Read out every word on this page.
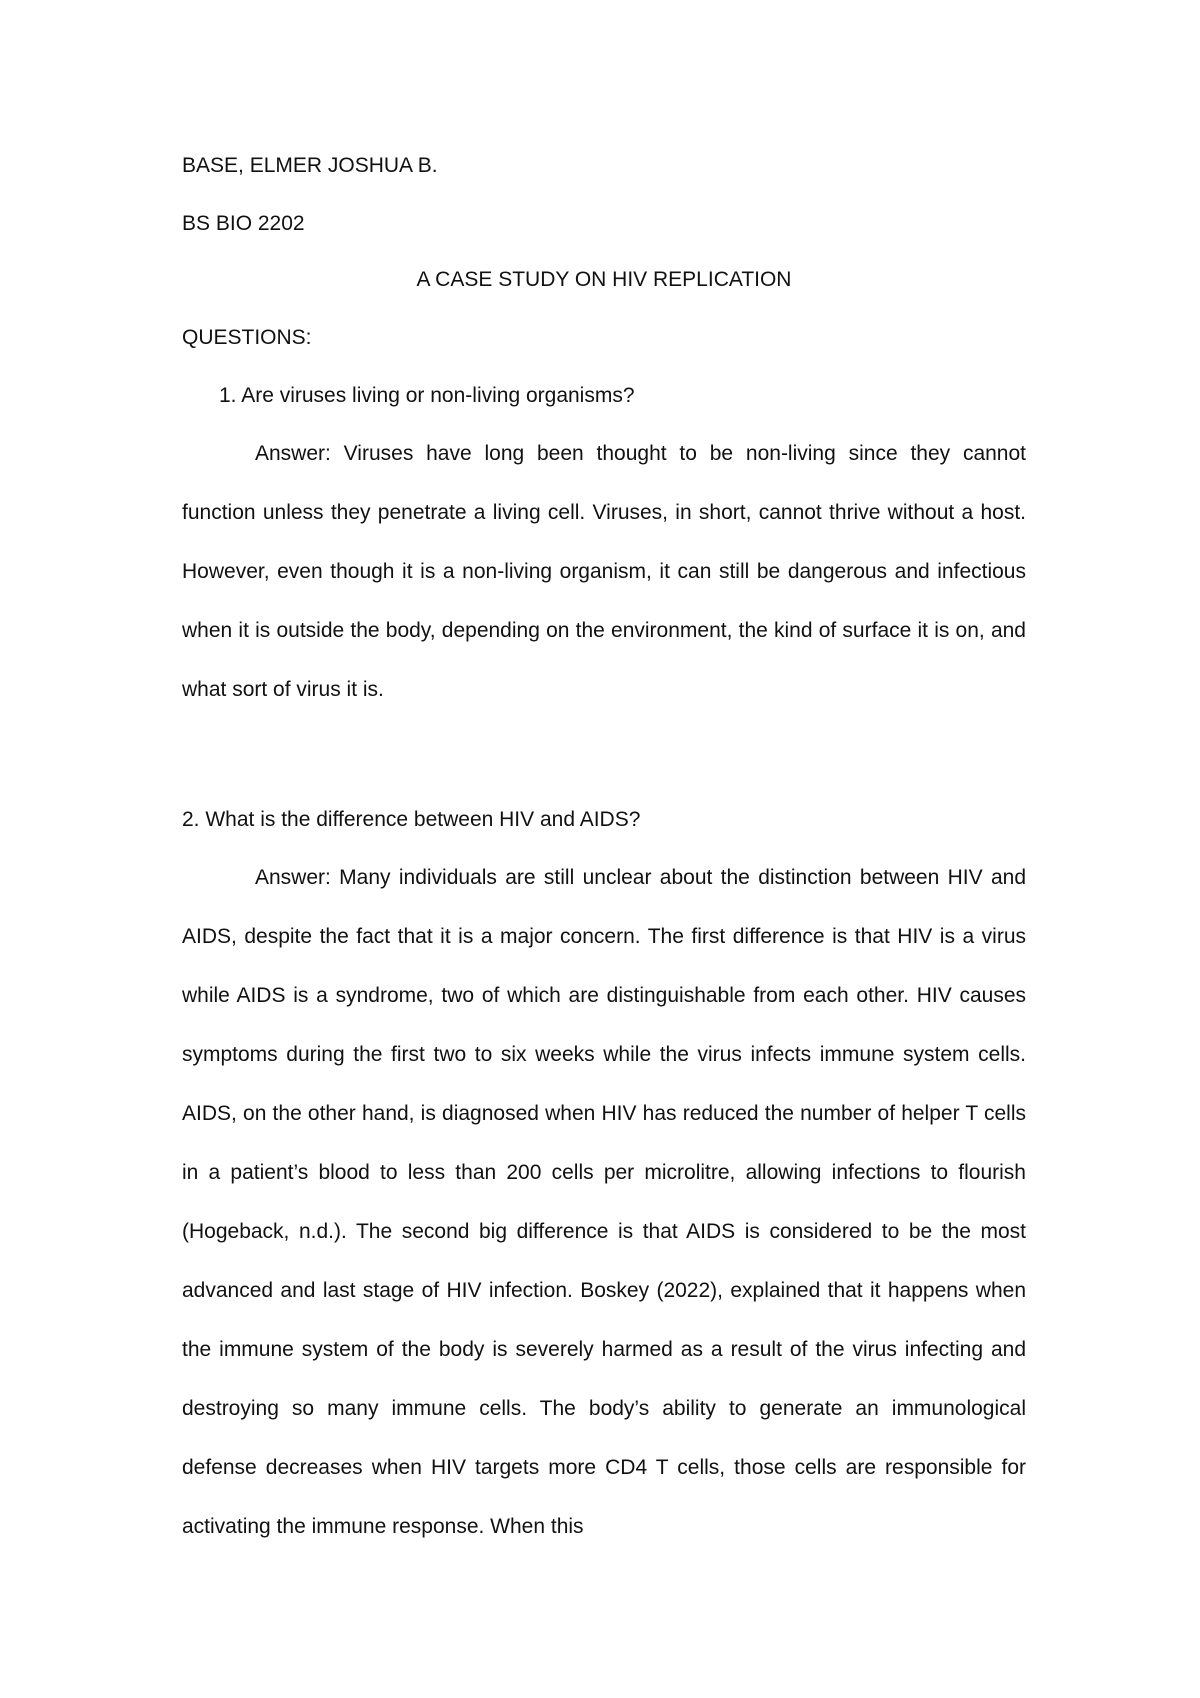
BASE, ELMER JOSHUA B.
BS BIO 2202
A CASE STUDY ON HIV REPLICATION
QUESTIONS:
1. Are viruses living or non-living organisms?
Answer: Viruses have long been thought to be non-living since they cannot function unless they penetrate a living cell. Viruses, in short, cannot thrive without a host. However, even though it is a non-living organism, it can still be dangerous and infectious when it is outside the body, depending on the environment, the kind of surface it is on, and what sort of virus it is.
2. What is the difference between HIV and AIDS?
Answer: Many individuals are still unclear about the distinction between HIV and AIDS, despite the fact that it is a major concern. The first difference is that HIV is a virus while AIDS is a syndrome, two of which are distinguishable from each other. HIV causes symptoms during the first two to six weeks while the virus infects immune system cells. AIDS, on the other hand, is diagnosed when HIV has reduced the number of helper T cells in a patient’s blood to less than 200 cells per microlitre, allowing infections to flourish (Hogeback, n.d.). The second big difference is that AIDS is considered to be the most advanced and last stage of HIV infection. Boskey (2022), explained that it happens when the immune system of the body is severely harmed as a result of the virus infecting and destroying so many immune cells. The body’s ability to generate an immunological defense decreases when HIV targets more CD4 T cells, those cells are responsible for activating the immune response. When this
